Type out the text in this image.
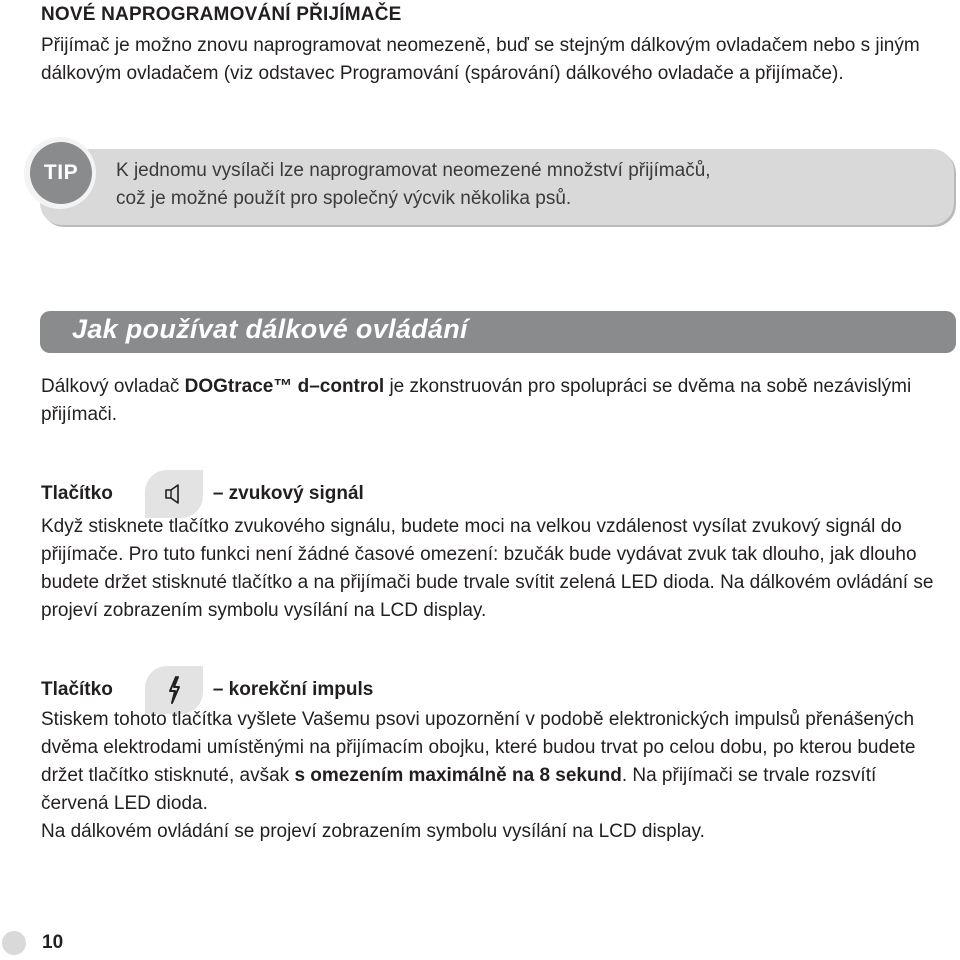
NOVÉ NAPROGRAMOVÁNÍ PŘIJÍMAČE
Přijímač je možno znovu naprogramovat neomezeně, buď se stejným dálkovým ovladačem nebo s jiným dálkovým ovladačem (viz odstavec Programování (spárování) dálkového ovladače a přijímače).
TIP	K jednomu vysílači lze naprogramovat neomezené množství přijímačů,
což je možné použít pro společný výcvik několika psů.
Jak používat dálkové ovládání
Dálkový ovladač DOGtrace™ d–control je zkonstruován pro spolupráci se dvěma na sobě nezávislými přijímači.
Tlačítko	– zvukový signál
Když stisknete tlačítko zvukového signálu, budete moci na velkou vzdálenost vysílat zvukový signál do přijímače. Pro tuto funkci není žádné časové omezení: bzučák bude vydávat zvuk tak dlouho, jak dlouho budete držet stisknuté tlačítko a na přijímači bude trvale svítit zelená LED dioda. Na dálkovém ovládání se projeví zobrazením symbolu vysílání na LCD display.
Tlačítko	– korekční impuls
Stiskem tohoto tlačítka vyšlete Vašemu psovi upozornění v podobě elektronických impulsů přenášených dvěma elektrodami umístěnými na přijímacím obojku, které budou trvat po celou dobu, po kterou budete držet tlačítko stisknuté, avšak s omezením maximálně na 8 sekund. Na přijímači se trvale rozsvítí červená LED dioda.
Na dálkovém ovládání se projeví zobrazením symbolu vysílání na LCD display.
10
